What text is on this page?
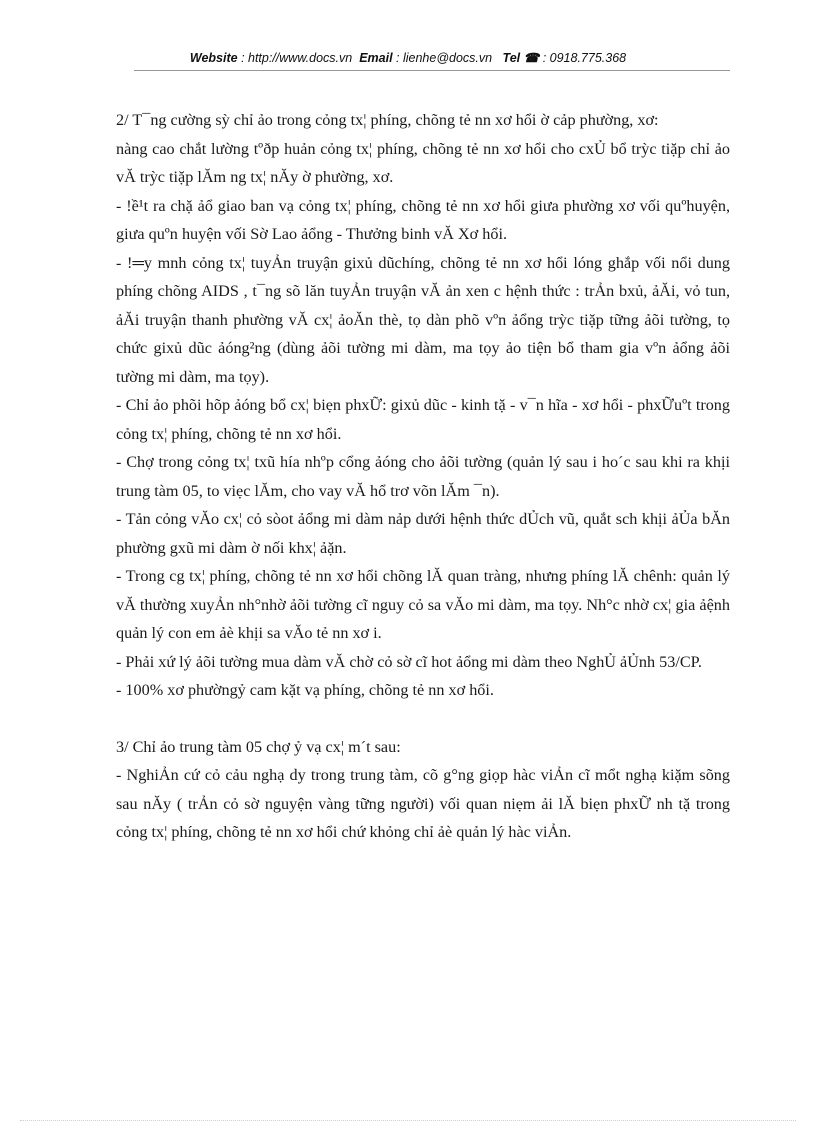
Website : http://www.docs.vn Email : lienhe@docs.vn Tel ☎ : 0918.775.368

2/ T¯ng cường sỳ chỉ ảo trong cỏng tx¦ phíng, chõng tẻ nn xơ hổi ờ cảp phường, xơ:

nàng cao chắt lường tºðp huản cỏng tx¦ phíng, chõng tẻ nn xơ hổi cho cxỦ bổ trỳc tiặp chỉ ảo vĂ trỳc tiặp lĂm ng tx¦ nĂy ờ phường, xơ.

- !ề¹t ra chặ ảổ giao ban vạ cỏng tx¦ phíng, chõng tẻ nn xơ hổi giưa phường xơ vối quºhuyện, giưa quºn huyện vối Sờ Lao ảổng - Thưởng binh vĂ Xơ hổi.

- !═y mnh cỏng tx¦ tuyẢn truyận gixủ dũchíng, chõng tẻ nn xơ hổi lóng ghắp vối nổi dung phíng chõng AIDS , t¯ng sõ lăn tuyẢn truyận vĂ ản xen c hệnh thức : trẢn bxủ, ảĂi, vỏ tun, ảĂi truyận thanh phường vĂ cx¦ ảoĂn thè, tọ dàn phõ vºn ảổng trỳc tiặp tững ảõi tường, tọ chức gixủ dũc ảóng²ng (dùng ảõi tường mi dàm, ma tọy ảo tiện bổ tham gia vºn ảổng ảõi tường mi dàm, ma tọy).

- Chỉ ảo phõi hõp ảóng bổ cx¦ biẹn phxỮ: gixủ dũc - kinh tặ - v¯n hĩa - xơ hổi - phxỮuºt trong cỏng tx¦ phíng, chõng tẻ nn xơ hổi.

- Chợ trong cỏng tx¦ txũ hía nhºp cổng ảóng cho ảõi tường (quản lý sau i ho´c sau khi ra khịi trung tàm 05, to viẹc lĂm, cho vay vĂ hổ trơ võn lĂm ¯n).

- Tản cỏng vĂo cx¦ cỏ sòot ảổng mi dàm nảp dưới hệnh thức dỦch vũ, quắt sch khịi ảỦa bĂn phường gxũ mi dàm ờ nối khx¦ ảặn.

- Trong cg tx¦ phíng, chõng tẻ nn xơ hổi chõng lĂ quan tràng, nhưng phíng lĂ chênh: quản lý vĂ thường xuyẢn nh°nhờ ảõi tường cĩ nguy cỏ sa vĂo mi dàm, ma tọy. Nh°c nhờ cx¦ gia ảệnh quản lý con em ảè khịi sa vĂo tẻ nn xơ i.

- Phải xứ lý ảõi tường mua dàm vĂ chờ cỏ sờ cĩ hot ảổng mi dàm theo NghỦ ảỦnh 53/CP.

- 100% xơ phườngỷ cam kặt vạ phíng, chõng tẻ nn xơ hổi.

3/ Chỉ ảo trung tàm 05 chợ ỷ vạ cx¦ m´t sau:

- NghiẢn cứ cỏ cảu nghạ dy trong trung tàm, cõ g°ng giọp hàc viẢn cĩ mổt nghạ kiặm sõng sau nĂy ( trẢn cỏ sờ nguyện vàng tững người) vối quan niẹm ải lĂ biẹn phxỮ nh tặ trong cỏng tx¦ phíng, chõng tẻ nn xơ hổi chứ khỏng chỉ ảè quản lý hàc viẢn.
